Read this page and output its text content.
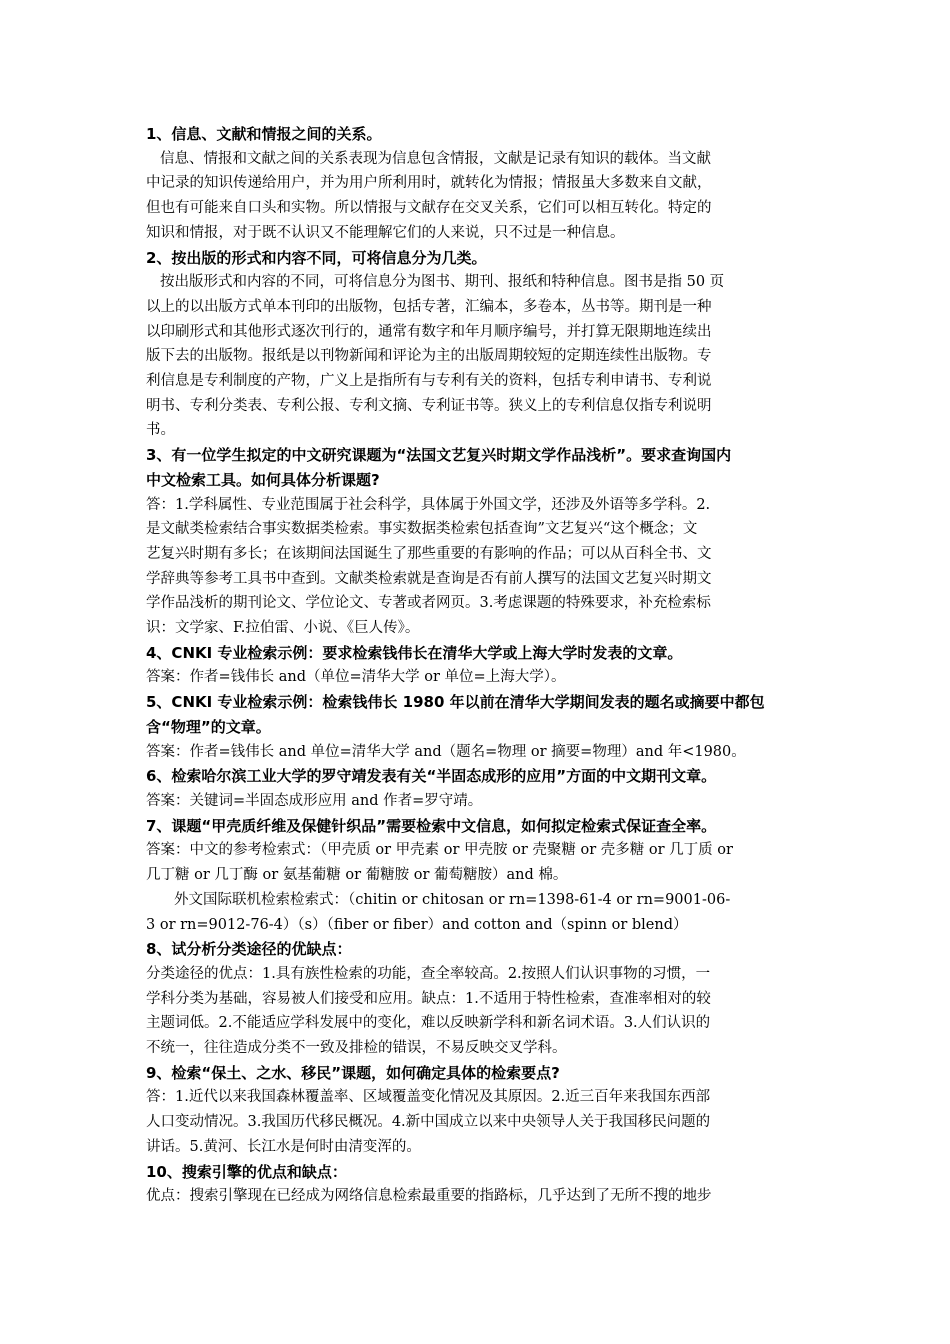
1、信息、文献和情报之间的关系。

信息、情报和文献之间的关系表现为信息包含情报，文献是记录有知识的载体。当文献

中记录的知识传递给用户，并为用户所利用时，就转化为情报；情报虽大多数来自文献，

但也有可能来自口头和实物。所以情报与文献存在交叉关系，它们可以相互转化。特定的

知识和情报，对于既不认识又不能理解它们的人来说，只不过是一种信息。

2、按出版的形式和内容不同，可将信息分为几类。

按出版形式和内容的不同，可将信息分为图书、期刊、报纸和特种信息。图书是指 50 页

以上的以出版方式单本刊印的出版物，包括专著，汇编本，多卷本，丛书等。期刊是一种

以印刷形式和其他形式逐次刊行的，通常有数字和年月顺序编号，并打算无限期地连续出

版下去的出版物。报纸是以刊物新闻和评论为主的出版周期较短的定期连续性出版物。专

利信息是专利制度的产物，广义上是指所有与专利有关的资料，包括专利申请书、专利说

明书、专利分类表、专利公报、专利文摘、专利证书等。狭义上的专利信息仅指专利说明

书。

3、有一位学生拟定的中文研究课题为“法国文艺复兴时期文学作品浅析”。要求查询国内

中文检索工具。如何具体分析课题?

答：1.学科属性、专业范围属于社会科学，具体属于外国文学，还涉及外语等多学科。2.

是文献类检索结合事实数据类检索。事实数据类检索包括查询”文艺复兴“这个概念；文

艺复兴时期有多长；在该期间法国诞生了那些重要的有影响的作品；可以从百科全书、文

学辞典等参考工具书中查到。文献类检索就是查询是否有前人撰写的法国文艺复兴时期文

学作品浅析的期刊论文、学位论文、专著或者网页。3.考虑课题的特殊要求，补充检索标

识：文学家、F.拉伯雷、小说、《巨人传》。

4、CNKI 专业检索示例：要求检索钱伟长在清华大学或上海大学时发表的文章。

答案：作者=钱伟长 and（单位=清华大学 or 单位=上海大学）。

5、CNKI 专业检索示例：检索钱伟长 1980 年以前在清华大学期间发表的题名或摘要中都包

含“物理”的文章。

答案：作者=钱伟长 and 单位=清华大学 and（题名=物理 or 摘要=物理）and 年<1980。

6、检索哈尔滨工业大学的罗守靖发表有关“半固态成形的应用”方面的中文期刊文章。

答案：关键词=半固态成形应用 and 作者=罗守靖。

7、课题“甲壳质纤维及保健针织品”需要检索中文信息，如何拟定检索式保证查全率。

答案：中文的参考检索式：（甲壳质 or 甲壳素 or 甲壳胺 or 壳聚糖 or 壳多糖 or 几丁质 or

几丁糖 or 几丁酶 or 氨基葡糖 or 葡糖胺 or 葡萄糖胺）and 棉。

外文国际联机检索检索式：（chitin or chitosan or rn=1398-61-4 or rn=9001-06-

3 or rn=9012-76-4）（s）（fiber or fiber）and cotton and（spinn or blend）

8、试分析分类途径的优缺点：

分类途径的优点：1.具有族性检索的功能，查全率较高。2.按照人们认识事物的习惯，一

学科分类为基础，容易被人们接受和应用。缺点：1.不适用于特性检索，查准率相对的较

主题词低。2.不能适应学科发展中的变化，难以反映新学科和新名词术语。3.人们认识的

不统一，往往造成分类不一致及排检的错误，不易反映交叉学科。

9、检索“保土、之水、移民”课题，如何确定具体的检索要点?

答：1.近代以来我国森林覆盖率、区域覆盖变化情况及其原因。2.近三百年来我国东西部

人口变动情况。3.我国历代移民概况。4.新中国成立以来中央领导人关于我国移民问题的

讲话。5.黄河、长江水是何时由清变浑的。

10、搜索引擎的优点和缺点：

优点：搜索引擎现在已经成为网络信息检索最重要的指路标，几乎达到了无所不搜的地步
